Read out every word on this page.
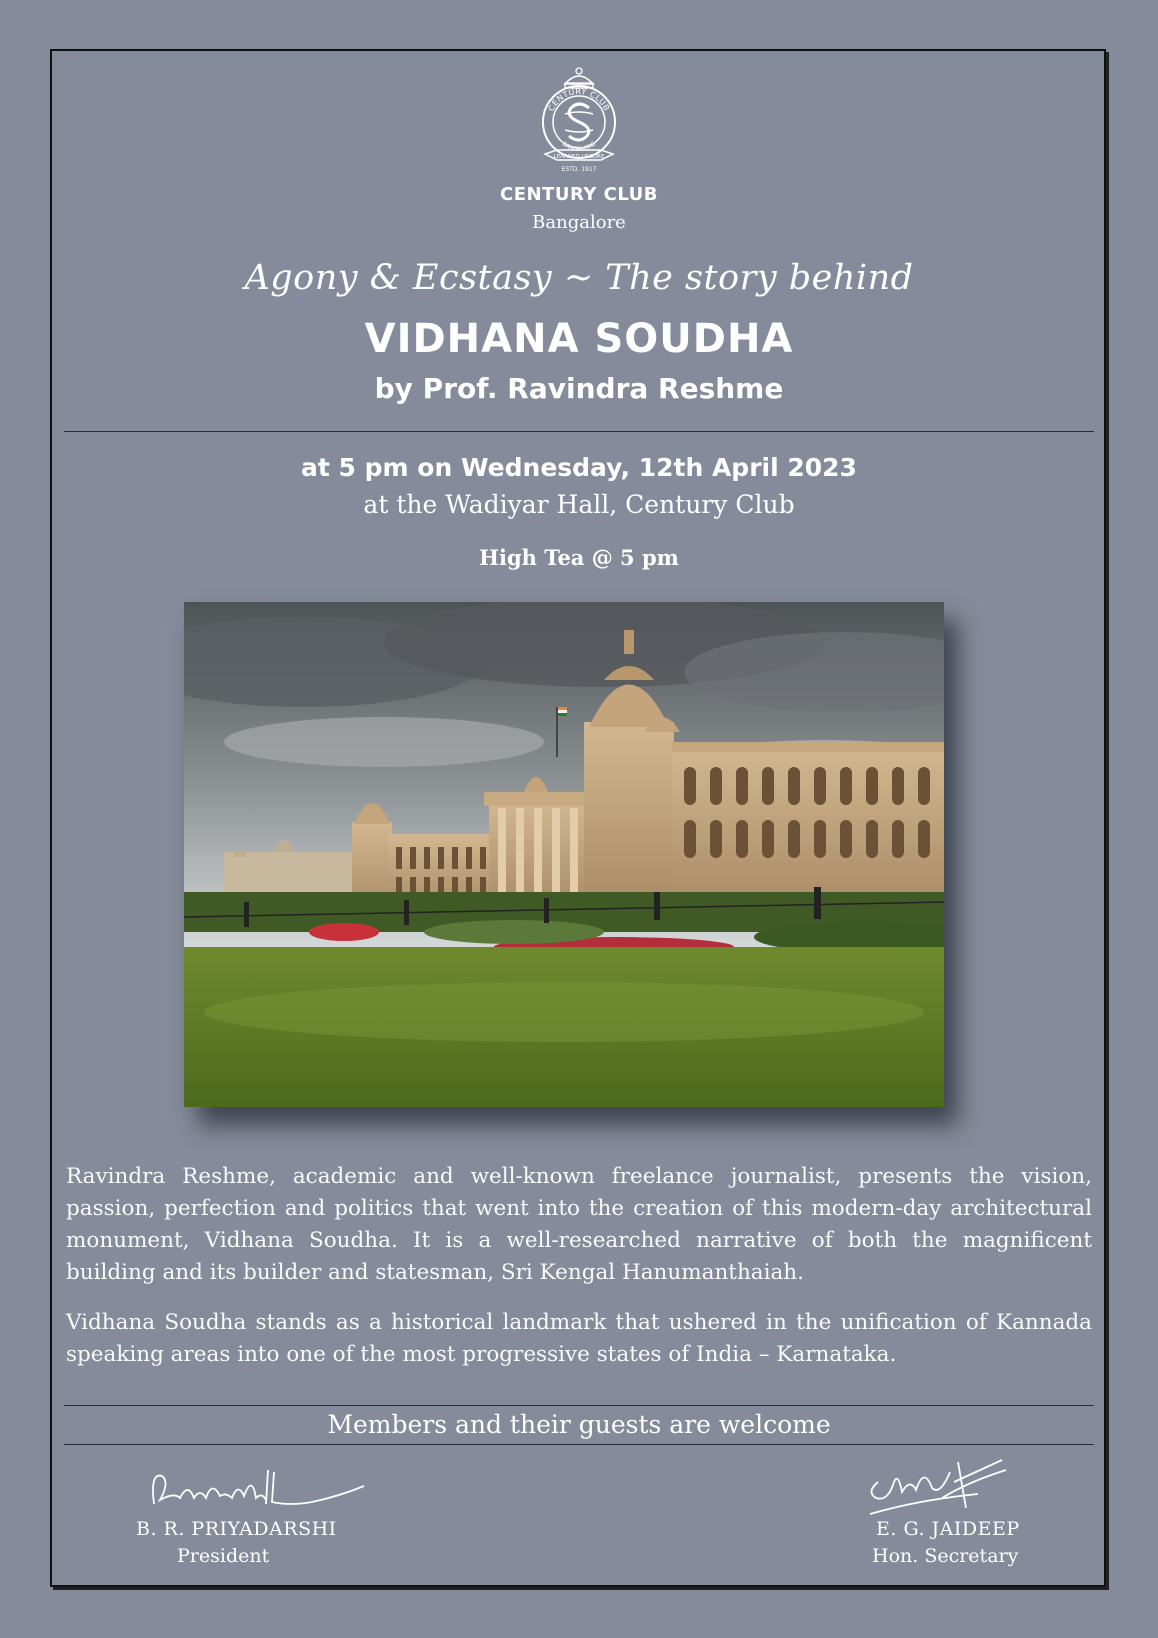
CENTURY CLUB
BANGALORE
LEARNED LEISURE
ESTD. 1917
CENTURY CLUB
Bangalore
Agony & Ecstasy ~ The story behind
VIDHANA SOUDHA
by Prof. Ravindra Reshme
at 5 pm on Wednesday, 12th April 2023
at the Wadiyar Hall, Century Club
High Tea @ 5 pm

Ravindra Reshme, academic and well-known freelance journalist, presents the vision, passion, perfection and politics that went into the creation of this modern-day architectural monument, Vidhana Soudha. It is a well-researched narrative of both the magnificent building and its builder and statesman, Sri Kengal Hanumanthaiah.

Vidhana Soudha stands as a historical landmark that ushered in the unification of Kannada speaking areas into one of the most progressive states of India – Karnataka.

Members and their guests are welcome
B. R. PRIYADARSHI
President
E. G. JAIDEEP
Hon. Secretary
